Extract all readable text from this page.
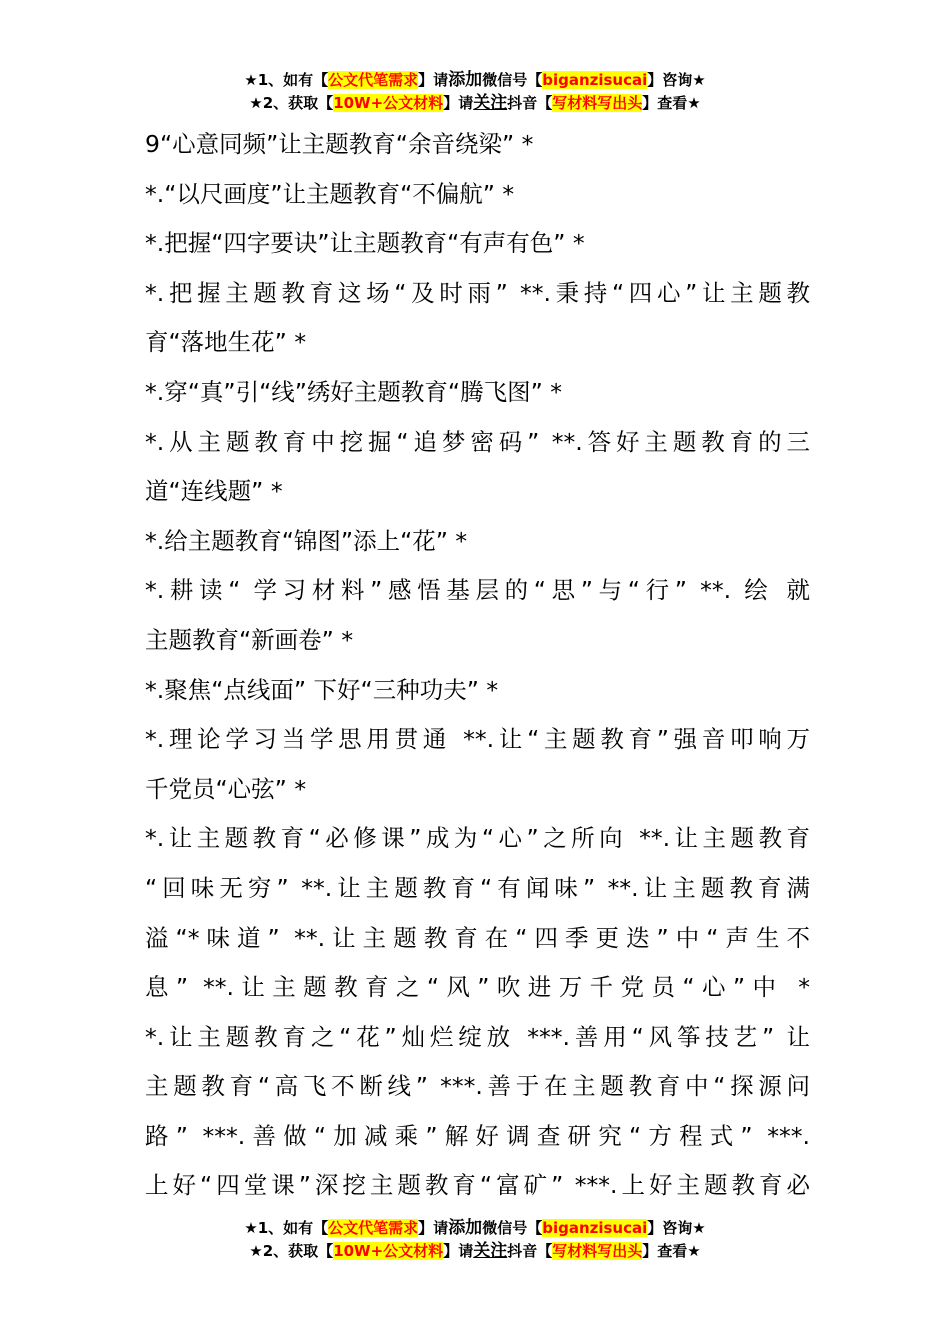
★1、如有【公文代笔需求】请添加微信号【biganzisucai】咨询★
★2、获取【10W+公文材料】请关注抖音【写材料写出头】查看★
9“心意同频”让主题教育“余音绕梁” *
*.“以尺画度”让主题教育“不偏航” *
*.把握“四字要诀”让主题教育“有声有色” *
*.把握主题教育这场“及时雨” **.秉持“四心”让主题教
育“落地生花” *
*.穿“真”引“线”绣好主题教育“腾飞图” *
*.从主题教育中挖掘“追梦密码” **.答好主题教育的三
道“连线题” *
*.给主题教育“锦图”添上“花” *
*.耕读“ 学习材料”感悟基层的“思”与“行” **. 绘 就
主题教育“新画卷” *
*.聚焦“点线面” 下好“三种功夫” *
*.理论学习当学思用贯通 **.让“主题教育”强音叩响万
千党员“心弦” *
*.让主题教育“必修课”成为“心”之所向 **.让主题教育
“回味无穷” **.让主题教育“有闻味” **.让主题教育满
溢“*味道” **.让主题教育在“四季更迭”中“声生不
息” **.让主题教育之“风”吹进万千党员“心”中 *
*.让主题教育之“花”灿烂绽放 ***.善用“风筝技艺” 让
主题教育“高飞不断线” ***.善于在主题教育中“探源问
路” ***.善做“加减乘”解好调查研究“方程式” ***.
上好“四堂课”深挖主题教育“富矿” ***.上好主题教育必
★1、如有【公文代笔需求】请添加微信号【biganzisucai】咨询★
★2、获取【10W+公文材料】请关注抖音【写材料写出头】查看★
